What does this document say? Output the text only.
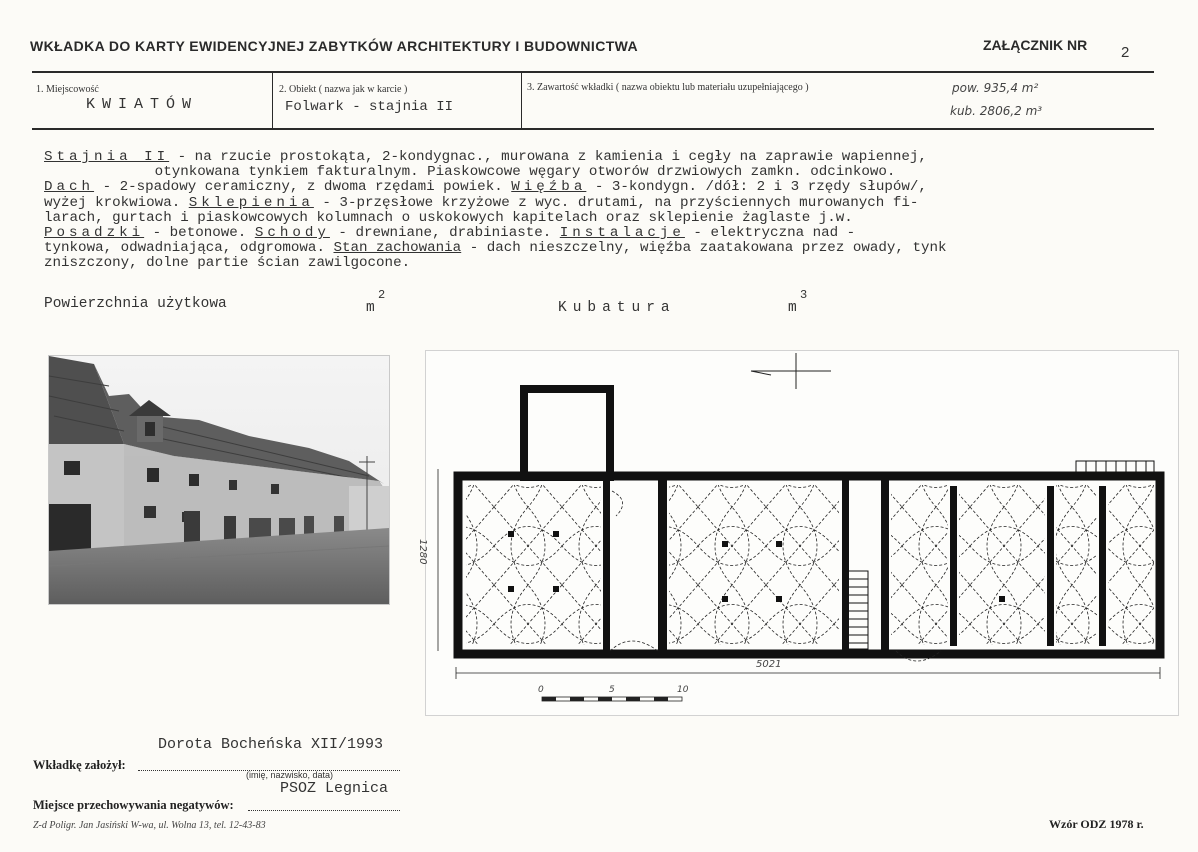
WKŁADKA DO KARTY EWIDENCYJNEJ ZABYTKÓW ARCHITEKTURY I BUDOWNICTWA	ZAŁĄCZNIK NR 2
1. Miejscowość
KWIATÓW
2. Obiekt ( nazwa jak w karcie )
Folwark - stajnia II
3. Zawartość wkładki ( nazwa obiektu lub materiału uzupełniającego )	pow. 935,4 m²
kub. 2806,2 m³
Stajnia II - na rzucie prostokąta, 2-kondygnac., murowana z kamienia i cegły na zaprawie wapiennej,
otynkowana tynkiem fakturalnym. Piaskowcowe węgary otworów drzwiowych zamkn. odcinkowo.
Dach - 2-spadowy ceramiczny, z dwoma rzędami powiek. Więźba - 3-kondygn. /dół: 2 i 3 rzędy słupów/,
wyżej krokwiowa. Sklepienia - 3-przęsłowe krzyżowe z wyc. drutami, na przyściennych murowanych fi-
larach, gurtach i piaskowcowych kolumnach o uskokowych kapitelach oraz sklepienie żaglaste j.w.
Posadzki - betonowe. Schody - drewniane, drabiniaste. Instalacje - elektryczna nad -
tynkowa, odwadniająca, odgromowa. Stan zachowania - dach nieszczelny, więźba zaatakowana przez owady, tynk
zniszczony, dolne partie ścian zawilgocone.
Powierzchnia użytkowa	m
2
Kubatura	m
3
1280
5021
0	5	10
Dorota Bocheńska XII/1993
Wkładkę założył:
(imię, nazwisko, data)
Miejsce przechowywania negatywów:
PSOZ Legnica
Z-d Poligr. Jan Jasiński W-wa, ul. Wolna 13, tel. 12-43-83	Wzór ODZ 1978 r.
